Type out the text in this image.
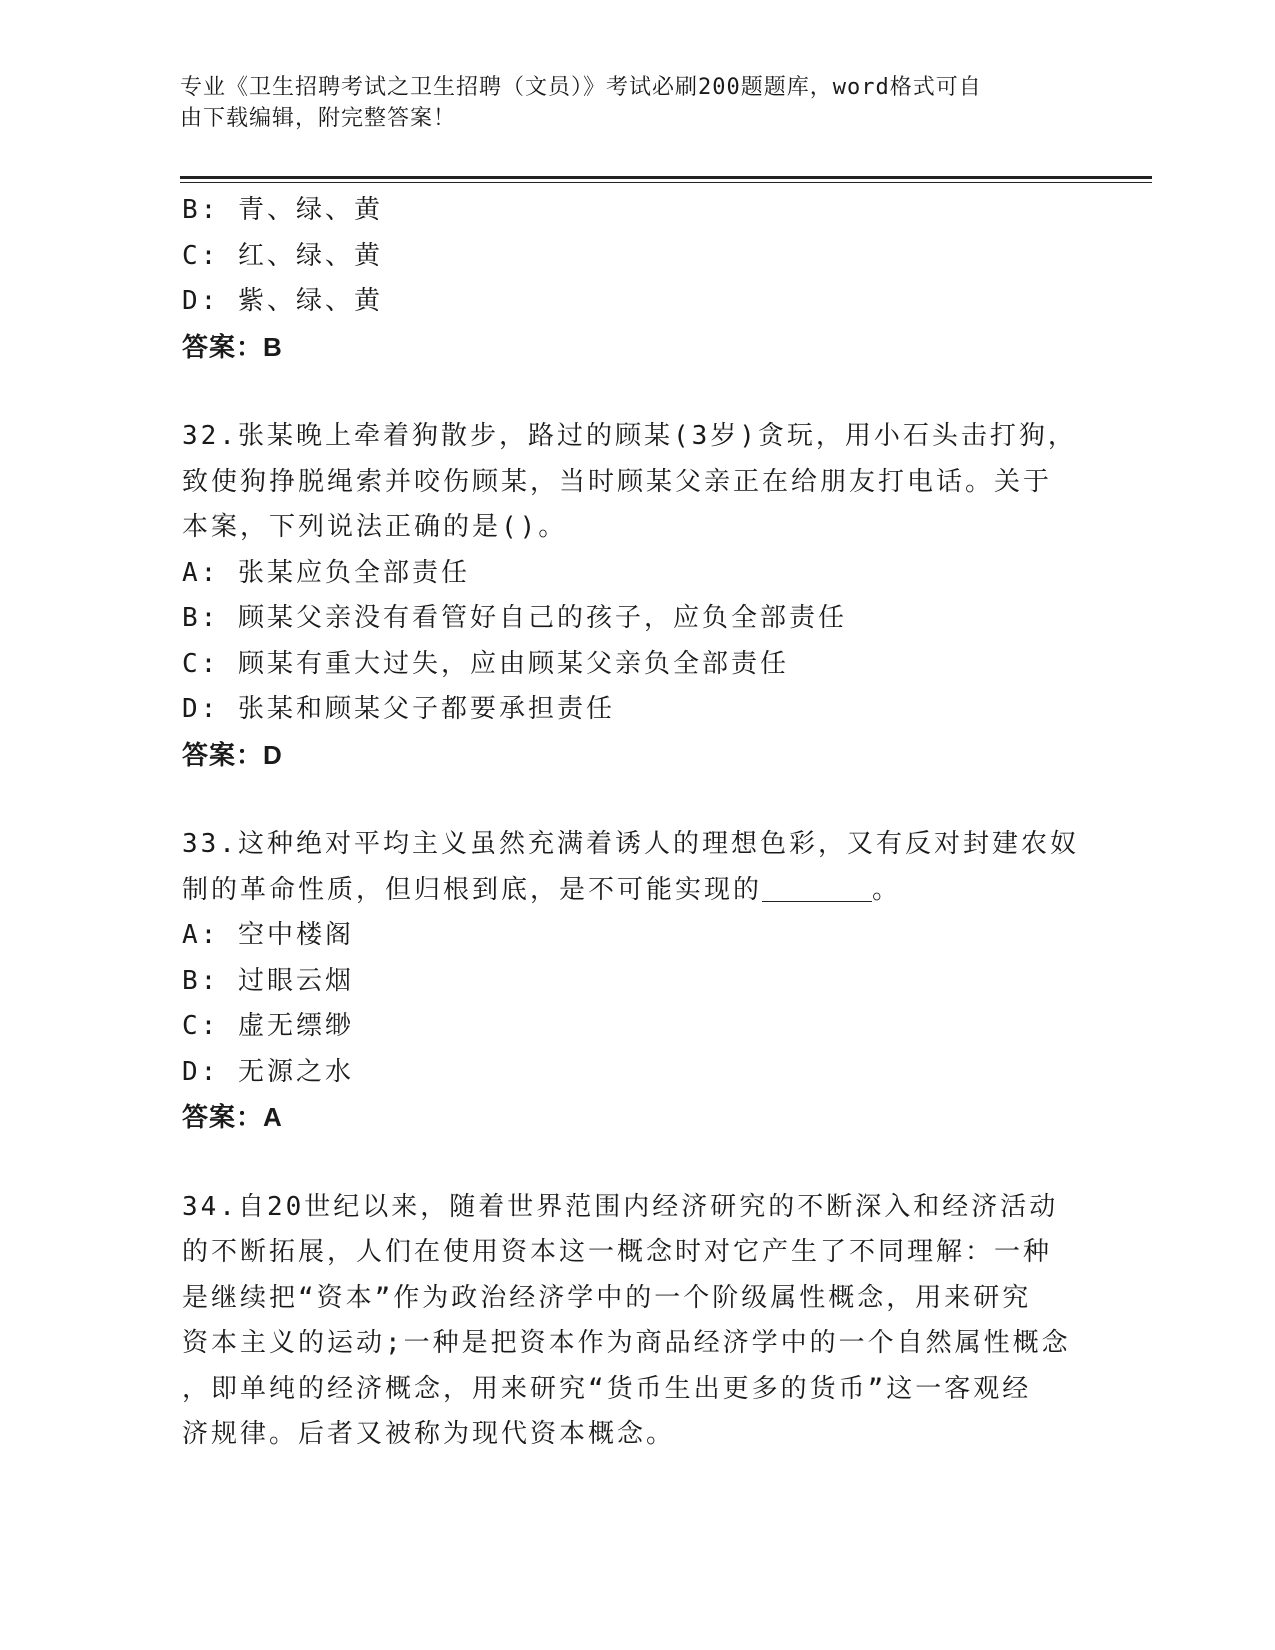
专业《卫生招聘考试之卫生招聘（文员）》考试必刷200题题库，word格式可自
由下载编辑，附完整答案！
B: 青、绿、黄
C: 红、绿、黄
D: 紫、绿、黄
答案：B
32.张某晚上牵着狗散步，路过的顾某(3岁)贪玩，用小石头击打狗，
致使狗挣脱绳索并咬伤顾某，当时顾某父亲正在给朋友打电话。关于
本案，下列说法正确的是()。
A: 张某应负全部责任
B: 顾某父亲没有看管好自己的孩子，应负全部责任
C: 顾某有重大过失，应由顾某父亲负全部责任
D: 张某和顾某父子都要承担责任
答案：D
33.这种绝对平均主义虽然充满着诱人的理想色彩，又有反对封建农奴
制的革命性质，但归根到底，是不可能实现的	。
A: 空中楼阁
B: 过眼云烟
C: 虚无缥缈
D: 无源之水
答案：A
34.自20世纪以来，随着世界范围内经济研究的不断深入和经济活动
的不断拓展，人们在使用资本这一概念时对它产生了不同理解：一种
是继续把“资本”作为政治经济学中的一个阶级属性概念，用来研究
资本主义的运动;一种是把资本作为商品经济学中的一个自然属性概念
，即单纯的经济概念，用来研究“货币生出更多的货币”这一客观经
济规律。后者又被称为现代资本概念。
